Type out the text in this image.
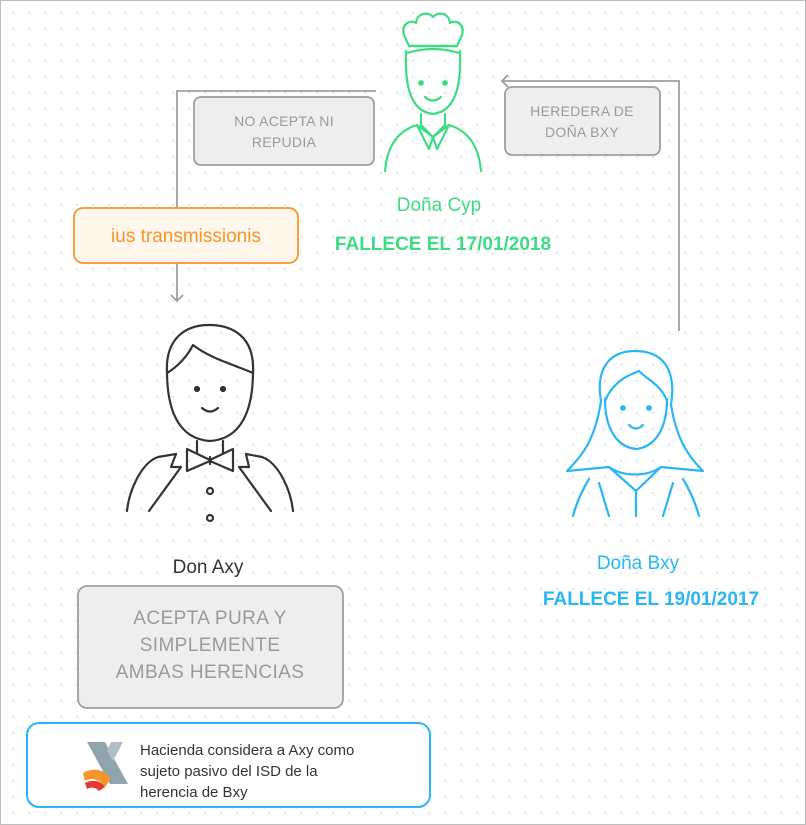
NO ACEPTA NI
REPUDIA
HEREDERA DE
DOÑA BXY
ius transmissionis
Doña Cyp
FALLECE EL 17/01/2018
Don Axy
ACEPTA PURA Y
SIMPLEMENTE
AMBAS HERENCIAS
Doña Bxy
FALLECE EL 19/01/2017
Hacienda considera a Axy como
sujeto pasivo del ISD de la
herencia de Bxy
